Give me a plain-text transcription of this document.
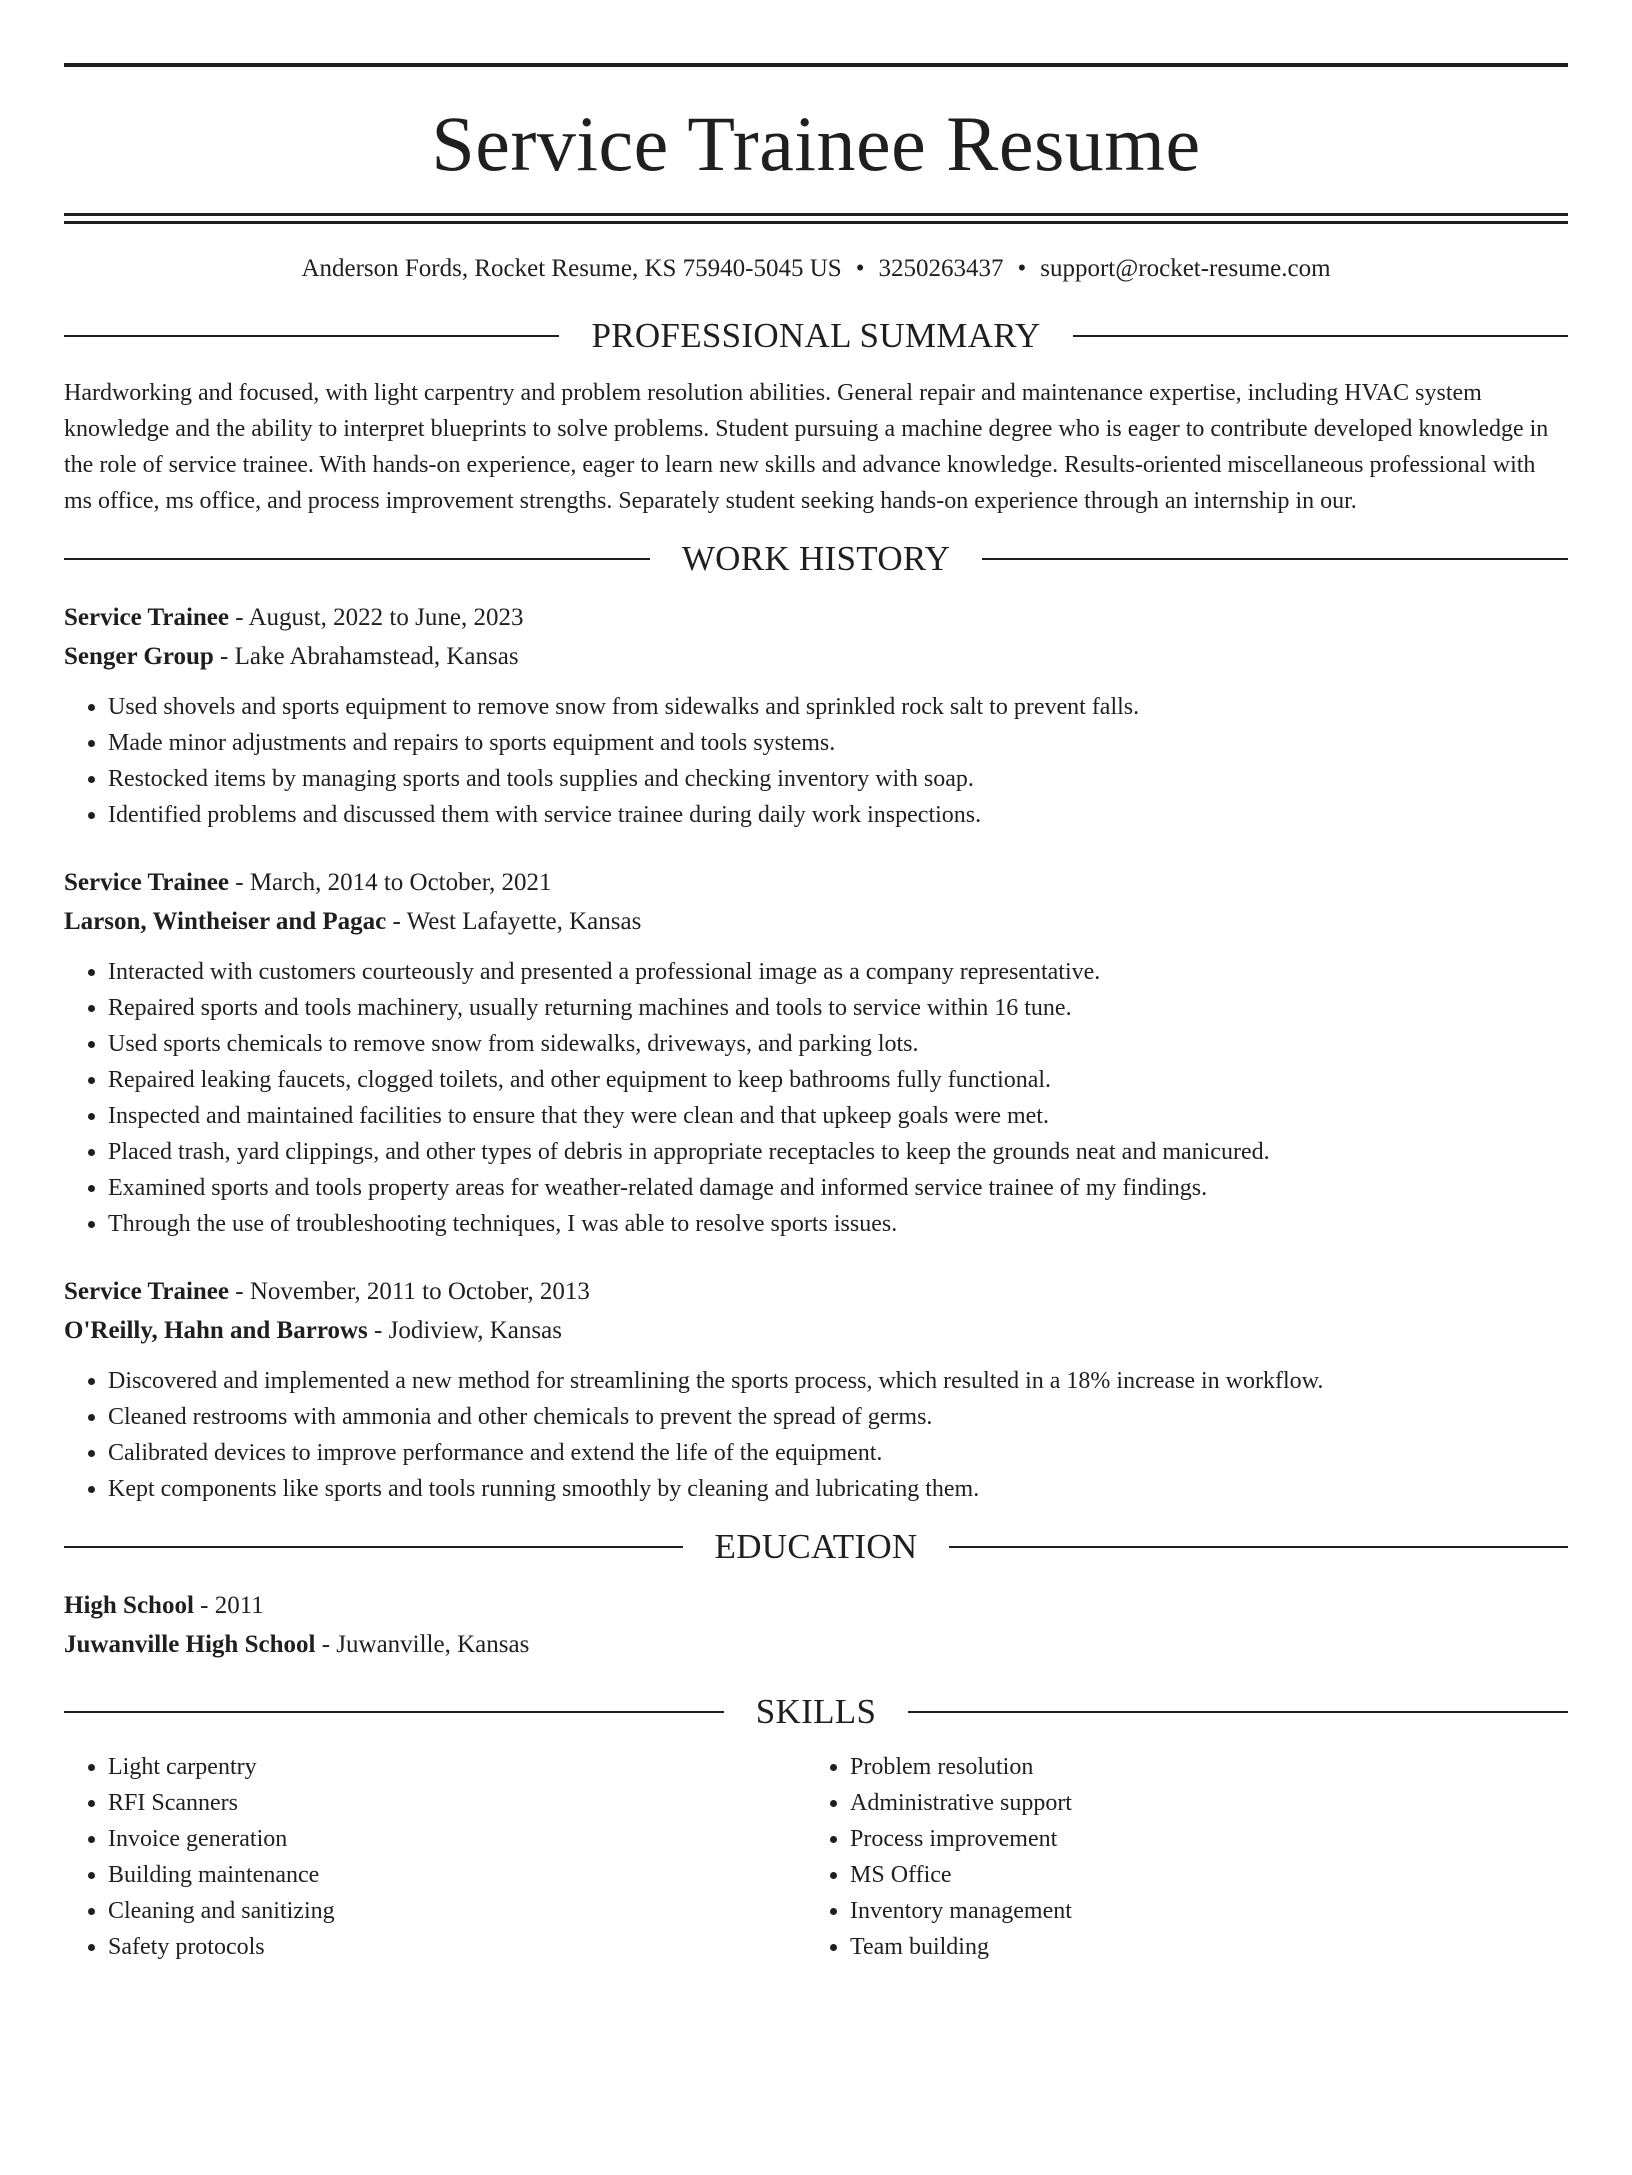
Service Trainee Resume
Anderson Fords, Rocket Resume, KS 75940-5045 US • 3250263437 • support@rocket-resume.com
PROFESSIONAL SUMMARY
Hardworking and focused, with light carpentry and problem resolution abilities. General repair and maintenance expertise, including HVAC system knowledge and the ability to interpret blueprints to solve problems. Student pursuing a machine degree who is eager to contribute developed knowledge in the role of service trainee. With hands-on experience, eager to learn new skills and advance knowledge. Results-oriented miscellaneous professional with ms office, ms office, and process improvement strengths. Separately student seeking hands-on experience through an internship in our.
WORK HISTORY
Service Trainee - August, 2022 to June, 2023
Senger Group - Lake Abrahamstead, Kansas
• Used shovels and sports equipment to remove snow from sidewalks and sprinkled rock salt to prevent falls.
• Made minor adjustments and repairs to sports equipment and tools systems.
• Restocked items by managing sports and tools supplies and checking inventory with soap.
• Identified problems and discussed them with service trainee during daily work inspections.
Service Trainee - March, 2014 to October, 2021
Larson, Wintheiser and Pagac - West Lafayette, Kansas
• Interacted with customers courteously and presented a professional image as a company representative.
• Repaired sports and tools machinery, usually returning machines and tools to service within 16 tune.
• Used sports chemicals to remove snow from sidewalks, driveways, and parking lots.
• Repaired leaking faucets, clogged toilets, and other equipment to keep bathrooms fully functional.
• Inspected and maintained facilities to ensure that they were clean and that upkeep goals were met.
• Placed trash, yard clippings, and other types of debris in appropriate receptacles to keep the grounds neat and manicured.
• Examined sports and tools property areas for weather-related damage and informed service trainee of my findings.
• Through the use of troubleshooting techniques, I was able to resolve sports issues.
Service Trainee - November, 2011 to October, 2013
O'Reilly, Hahn and Barrows - Jodiview, Kansas
• Discovered and implemented a new method for streamlining the sports process, which resulted in a 18% increase in workflow.
• Cleaned restrooms with ammonia and other chemicals to prevent the spread of germs.
• Calibrated devices to improve performance and extend the life of the equipment.
• Kept components like sports and tools running smoothly by cleaning and lubricating them.
EDUCATION
High School - 2011
Juwanville High School - Juwanville, Kansas
SKILLS
• Light carpentry
• RFI Scanners
• Invoice generation
• Building maintenance
• Cleaning and sanitizing
• Safety protocols
• Problem resolution
• Administrative support
• Process improvement
• MS Office
• Inventory management
• Team building
